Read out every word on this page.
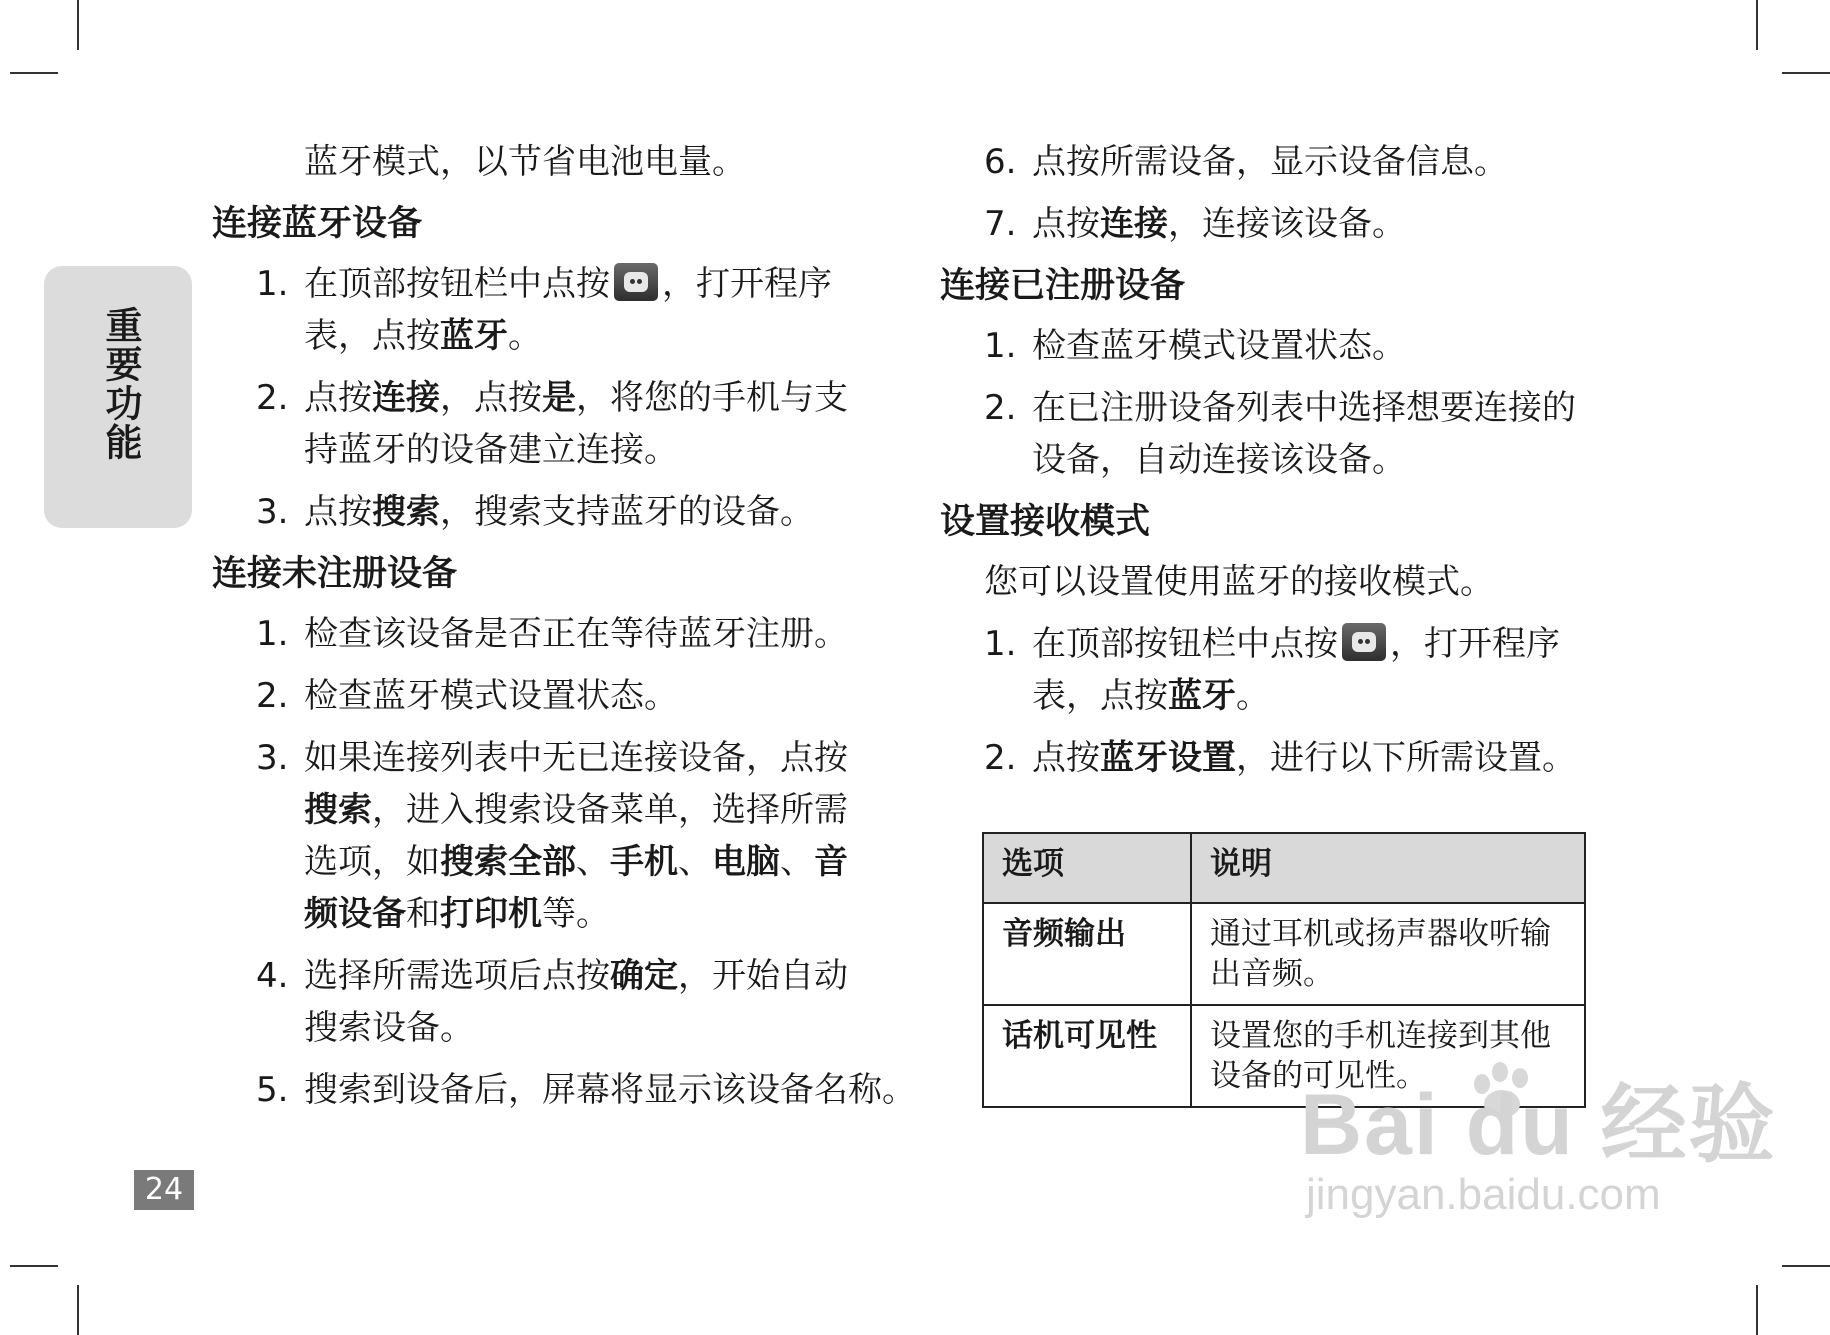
重要功能
24
蓝牙模式，以节省电池电量。
连接蓝牙设备
1. 在顶部按钮栏中点按 ，打开程序
表，点按蓝牙。
2. 点按连接，点按是，将您的手机与支
持蓝牙的设备建立连接。
3. 点按搜索，搜索支持蓝牙的设备。
连接未注册设备
1. 检查该设备是否正在等待蓝牙注册。
2. 检查蓝牙模式设置状态。
3. 如果连接列表中无已连接设备，点按
搜索，进入搜索设备菜单，选择所需
选项，如搜索全部、手机、电脑、音
频设备和打印机等。
4. 选择所需选项后点按确定，开始自动
搜索设备。
5. 搜索到设备后，屏幕将显示该设备名称。
6. 点按所需设备，显示设备信息。
7. 点按连接，连接该设备。
连接已注册设备
1. 检查蓝牙模式设置状态。
2. 在已注册设备列表中选择想要连接的
设备，自动连接该设备。
设置接收模式
您可以设置使用蓝牙的接收模式。
1. 在顶部按钮栏中点按 ，打开程序
表，点按蓝牙。
2. 点按蓝牙设置，进行以下所需设置。
选项	说明
音频输出	通过耳机或扬声器收听输出音频。
话机可见性	设置您的手机连接到其他设备的可见性。
Bai du 经验
jingyan.baidu.com
